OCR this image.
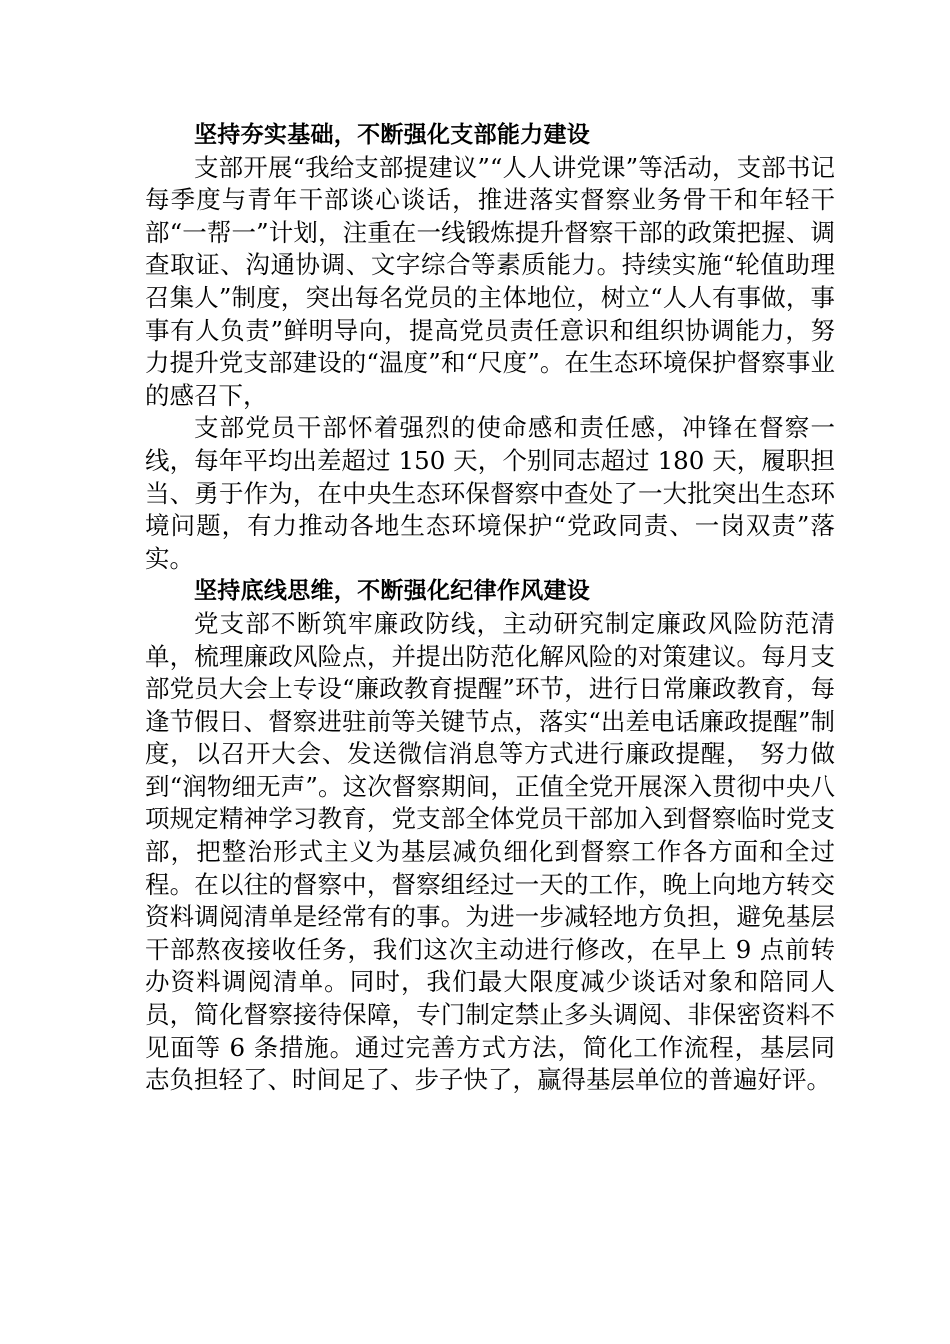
坚持夯实基础，不断强化支部能力建设

支部开展“我给支部提建议”“人人讲党课”等活动，支部书记每季度与青年干部谈心谈话，推进落实督察业务骨干和年轻干部“一帮一”计划，注重在一线锻炼提升督察干部的政策把握、调查取证、沟通协调、文字综合等素质能力。持续实施“轮值助理召集人”制度，突出每名党员的主体地位，树立“人人有事做，事事有人负责”鲜明导向，提高党员责任意识和组织协调能力，努力提升党支部建设的“温度”和“尺度”。在生态环境保护督察事业的感召下，

支部党员干部怀着强烈的使命感和责任感，冲锋在督察一线，每年平均出差超过 150 天，个别同志超过 180 天，履职担当、勇于作为，在中央生态环保督察中查处了一大批突出生态环境问题，有力推动各地生态环境保护“党政同责、一岗双责”落实。

坚持底线思维，不断强化纪律作风建设

党支部不断筑牢廉政防线，主动研究制定廉政风险防范清单，梳理廉政风险点，并提出防范化解风险的对策建议。每月支部党员大会上专设“廉政教育提醒”环节，进行日常廉政教育，每逢节假日、督察进驻前等关键节点，落实“出差电话廉政提醒”制度，以召开大会、发送微信消息等方式进行廉政提醒， 努力做到“润物细无声”。这次督察期间，正值全党开展深入贯彻中央八项规定精神学习教育，党支部全体党员干部加入到督察临时党支部，把整治形式主义为基层减负细化到督察工作各方面和全过程。在以往的督察中，督察组经过一天的工作，晚上向地方转交资料调阅清单是经常有的事。为进一步减轻地方负担，避免基层干部熬夜接收任务，我们这次主动进行修改，在早上 9 点前转办资料调阅清单。同时，我们最大限度减少谈话对象和陪同人员，简化督察接待保障，专门制定禁止多头调阅、非保密资料不见面等 6 条措施。通过完善方式方法，简化工作流程，基层同志负担轻了、时间足了、步子快了，赢得基层单位的普遍好评。
